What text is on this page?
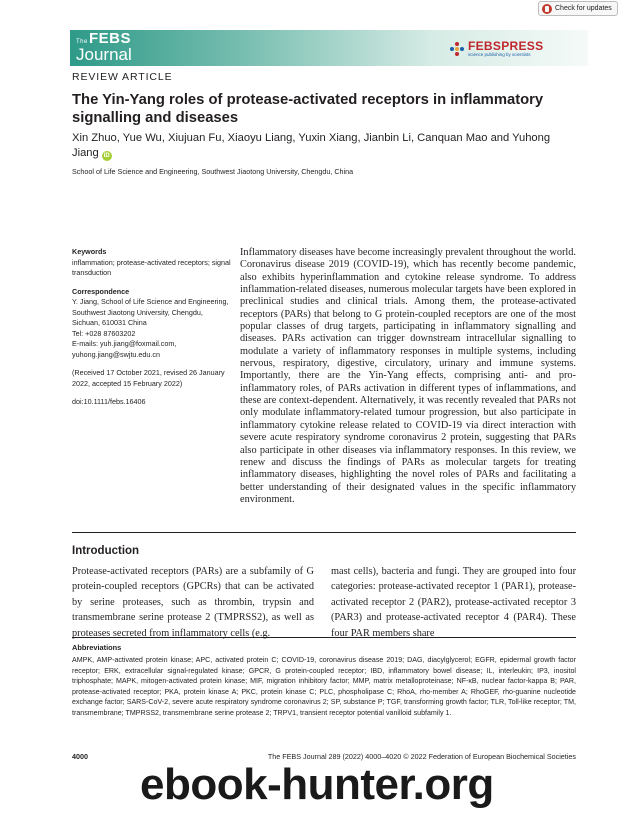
Check for updates
The FEBS
Journal	FEBSPRESS
science publishing by scientists
REVIEW ARTICLE
The Yin-Yang roles of protease-activated receptors in inflammatory signalling and diseases
Xin Zhuo, Yue Wu, Xiujuan Fu, Xiaoyu Liang, Yuxin Xiang, Jianbin Li, Canquan Mao and Yuhong Jiang iD
School of Life Science and Engineering, Southwest Jiaotong University, Chengdu, China

Keywords

inflammation; protease-activated receptors; signal transduction

Correspondence

Y. Jiang, School of Life Science and Engineering, Southwest Jiaotong University, Chengdu, Sichuan, 610031 China

Tel: +028 87603202

E-mails: yuh.jiang@foxmail.com, yuhong.jiang@swjtu.edu.cn

(Received 17 October 2021, revised 26 January 2022, accepted 15 February 2022)

doi:10.1111/febs.16406

Inflammatory diseases have become increasingly prevalent throughout the world. Coronavirus disease 2019 (COVID-19), which has recently become pandemic, also exhibits hyperinflammation and cytokine release syndrome. To address inflammation-related diseases, numerous molecular targets have been explored in preclinical studies and clinical trials. Among them, the protease-activated receptors (PARs) that belong to G protein-coupled receptors are one of the most popular classes of drug targets, participating in inflammatory signalling and diseases. PARs activation can trigger downstream intracellular signalling to modulate a variety of inflammatory responses in multiple systems, including nervous, respiratory, digestive, circulatory, urinary and immune systems. Importantly, there are the Yin-Yang effects, comprising anti- and pro-inflammatory roles, of PARs activation in different types of inflammations, and these are context-dependent. Alternatively, it was recently revealed that PARs not only modulate inflammatory-related tumour progression, but also participate in inflammatory cytokine release related to COVID-19 via direct interaction with severe acute respiratory syndrome coronavirus 2 protein, suggesting that PARs also participate in other diseases via inflammatory responses. In this review, we renew and discuss the findings of PARs as molecular targets for treating inflammatory diseases, highlighting the novel roles of PARs and facilitating a better understanding of their designated values in the specific inflammatory environment.

Introduction

Protease-activated receptors (PARs) are a subfamily of G protein-coupled receptors (GPCRs) that can be activated by serine proteases, such as thrombin, trypsin and transmembrane serine protease 2 (TMPRSS2), as well as proteases secreted from inflammatory cells (e.g.

mast cells), bacteria and fungi. They are grouped into four categories: protease-activated receptor 1 (PAR1), protease-activated receptor 2 (PAR2), protease-activated receptor 3 (PAR3) and protease-activated receptor 4 (PAR4). These four PAR members share

Abbreviations

AMPK, AMP-activated protein kinase; APC, activated protein C; COVID-19, coronavirus disease 2019; DAG, diacylglycerol; EGFR, epidermal growth factor receptor; ERK, extracellular signal-regulated kinase; GPCR, G protein-coupled receptor; IBD, inflammatory bowel disease; IL, interleukin; IP3, inositol triphosphate; MAPK, mitogen-activated protein kinase; MIF, migration inhibitory factor; MMP, matrix metalloproteinase; NF-κB, nuclear factor-kappa B; PAR, protease-activated receptor; PKA, protein kinase A; PKC, protein kinase C; PLC, phospholipase C; RhoA, rho-member A; RhoGEF, rho-guanine nucleotide exchange factor; SARS-CoV-2, severe acute respiratory syndrome coronavirus 2; SP, substance P; TGF, transforming growth factor; TLR, Toll-like receptor; TM, transmembrane; TMPRSS2, transmembrane serine protease 2; TRPV1, transient receptor potential vanilloid subfamily 1.

4000	The FEBS Journal 289 (2022) 4000–4020 © 2022 Federation of European Biochemical Societies
ebook-hunter.org
